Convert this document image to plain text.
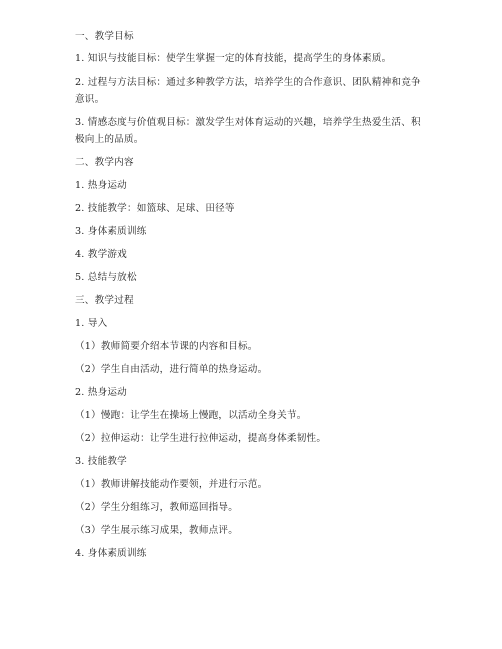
一、教学目标
1. 知识与技能目标：使学生掌握一定的体育技能，提高学生的身体素质。
2. 过程与方法目标：通过多种教学方法，培养学生的合作意识、团队精神和竞争
意识。
3. 情感态度与价值观目标：激发学生对体育运动的兴趣，培养学生热爱生活、积
极向上的品质。
二、教学内容
1. 热身运动
2. 技能教学：如篮球、足球、田径等
3. 身体素质训练
4. 教学游戏
5. 总结与放松
三、教学过程
1. 导入
（1）教师简要介绍本节课的内容和目标。
（2）学生自由活动，进行简单的热身运动。
2. 热身运动
（1）慢跑：让学生在操场上慢跑，以活动全身关节。
（2）拉伸运动：让学生进行拉伸运动，提高身体柔韧性。
3. 技能教学
（1）教师讲解技能动作要领，并进行示范。
（2）学生分组练习，教师巡回指导。
（3）学生展示练习成果，教师点评。
4. 身体素质训练
